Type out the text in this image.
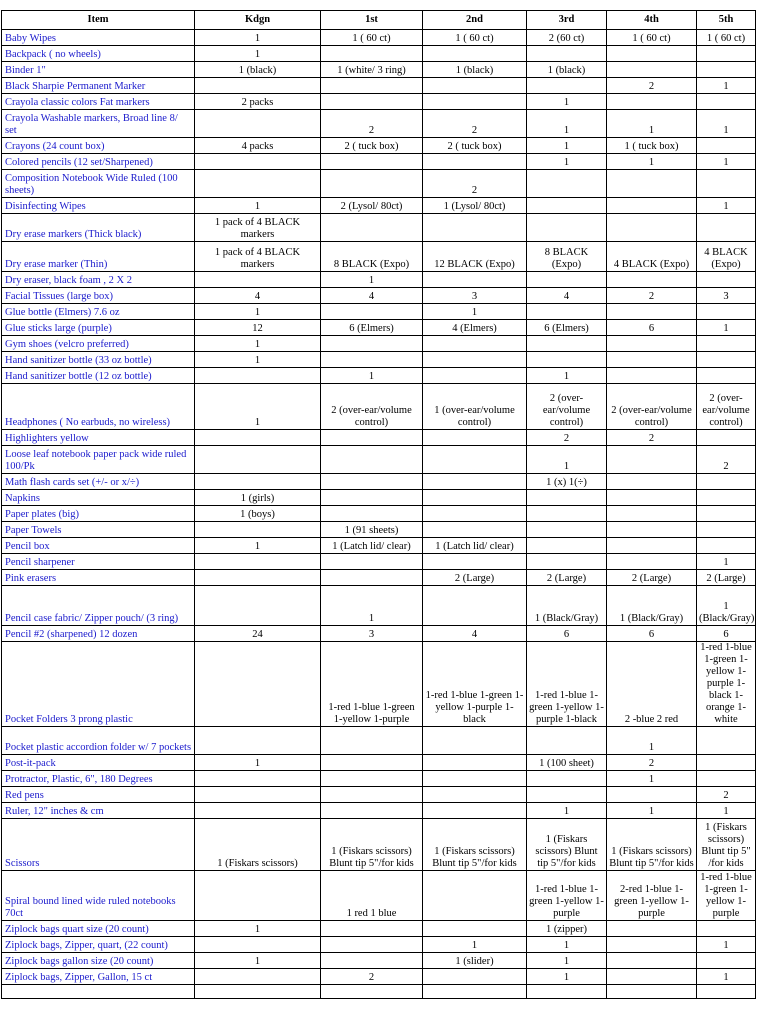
Item	Kdgn	1st	2nd	3rd	4th	5th
Baby Wipes	1	1 ( 60 ct)	1 ( 60 ct)	2 (60 ct)	1 ( 60 ct)	1 ( 60 ct)
Backpack ( no wheels)	1					
Binder 1"	1 (black)	1 (white/ 3 ring)	1 (black)	1 (black)		
Black Sharpie Permanent Marker					2	1
Crayola classic colors Fat markers	2 packs			1		
Crayola Washable markers, Broad line 8/ set		2	2	1	1	1
Crayons (24 count box)	4 packs	2 ( tuck box)	2 ( tuck box)	1	1 ( tuck box)	
Colored pencils (12 set/Sharpened)				1	1	1
Composition Notebook Wide Ruled (100 sheets)			2			
Disinfecting Wipes	1	2 (Lysol/ 80ct)	1 (Lysol/ 80ct)			1
Dry erase markers (Thick black)	1 pack of 4 BLACK markers					
Dry erase marker (Thin)	1 pack of 4 BLACK markers	8 BLACK (Expo)	12 BLACK (Expo)	8 BLACK (Expo)	4 BLACK (Expo)	4 BLACK (Expo)
Dry eraser, black foam , 2 X 2		1				
Facial Tissues (large box)	4	4	3	4	2	3
Glue bottle (Elmers) 7.6 oz	1		1			
Glue sticks large (purple)	12	6 (Elmers)	4 (Elmers)	6 (Elmers)	6	1
Gym shoes (velcro preferred)	1					
Hand sanitizer bottle (33 oz bottle)	1					
Hand sanitizer bottle (12 oz bottle)		1		1		
Headphones ( No earbuds, no wireless)	1	2 (over-ear/volume control)	1 (over-ear/volume control)	2 (over-ear/volume control)	2 (over-ear/volume control)	2 (over-ear/volume control)
Highlighters yellow				2	2	
Loose leaf notebook paper pack wide ruled 100/Pk				1		2
Math flash cards set (+/- or x/÷)				1 (x) 1(÷)		
Napkins	1 (girls)					
Paper plates (big)	1 (boys)					
Paper Towels		1 (91 sheets)				
Pencil box	1	1 (Latch lid/ clear)	1 (Latch lid/ clear)			
Pencil sharpener						1
Pink erasers			2 (Large)	2 (Large)	2 (Large)	2 (Large)
Pencil case fabric/ Zipper pouch/ (3 ring)		1		1 (Black/Gray)	1 (Black/Gray)	1 (Black/Gray)
Pencil #2 (sharpened) 12 dozen	24	3	4	6	6	6
Pocket Folders 3 prong plastic		1-red 1-blue 1-green 1-yellow 1-purple	1-red 1-blue 1-green 1-yellow 1-purple 1-black	1-red 1-blue 1-green 1-yellow 1-purple 1-black	2 -blue 2 red	1-red 1-blue 1-green 1-yellow 1-purple 1-black 1-orange 1-white
Pocket plastic accordion folder w/ 7 pockets					1	
Post-it-pack	1			1 (100 sheet)	2	
Protractor, Plastic, 6", 180 Degrees					1	
Red pens						2
Ruler, 12" inches & cm				1	1	1
Scissors	1 (Fiskars scissors)	1 (Fiskars scissors) Blunt tip 5"/for kids	1 (Fiskars scissors) Blunt tip 5"/for kids	1 (Fiskars scissors) Blunt tip 5"/for kids	1 (Fiskars scissors) Blunt tip 5"/for kids	1 (Fiskars scissors) Blunt tip 5" /for kids
Spiral bound lined wide ruled notebooks 70ct		1 red 1 blue		1-red 1-blue 1-green 1-yellow 1-purple	2-red 1-blue 1-green 1-yellow 1-purple	1-red 1-blue 1-green 1-yellow 1-purple
Ziplock bags quart size (20 count)	1			1 (zipper)		
Ziplock bags, Zipper, quart, (22 count)			1	1		1
Ziplock bags gallon size (20 count)	1		1 (slider)	1		
Ziplock bags, Zipper, Gallon, 15 ct		2		1		1
